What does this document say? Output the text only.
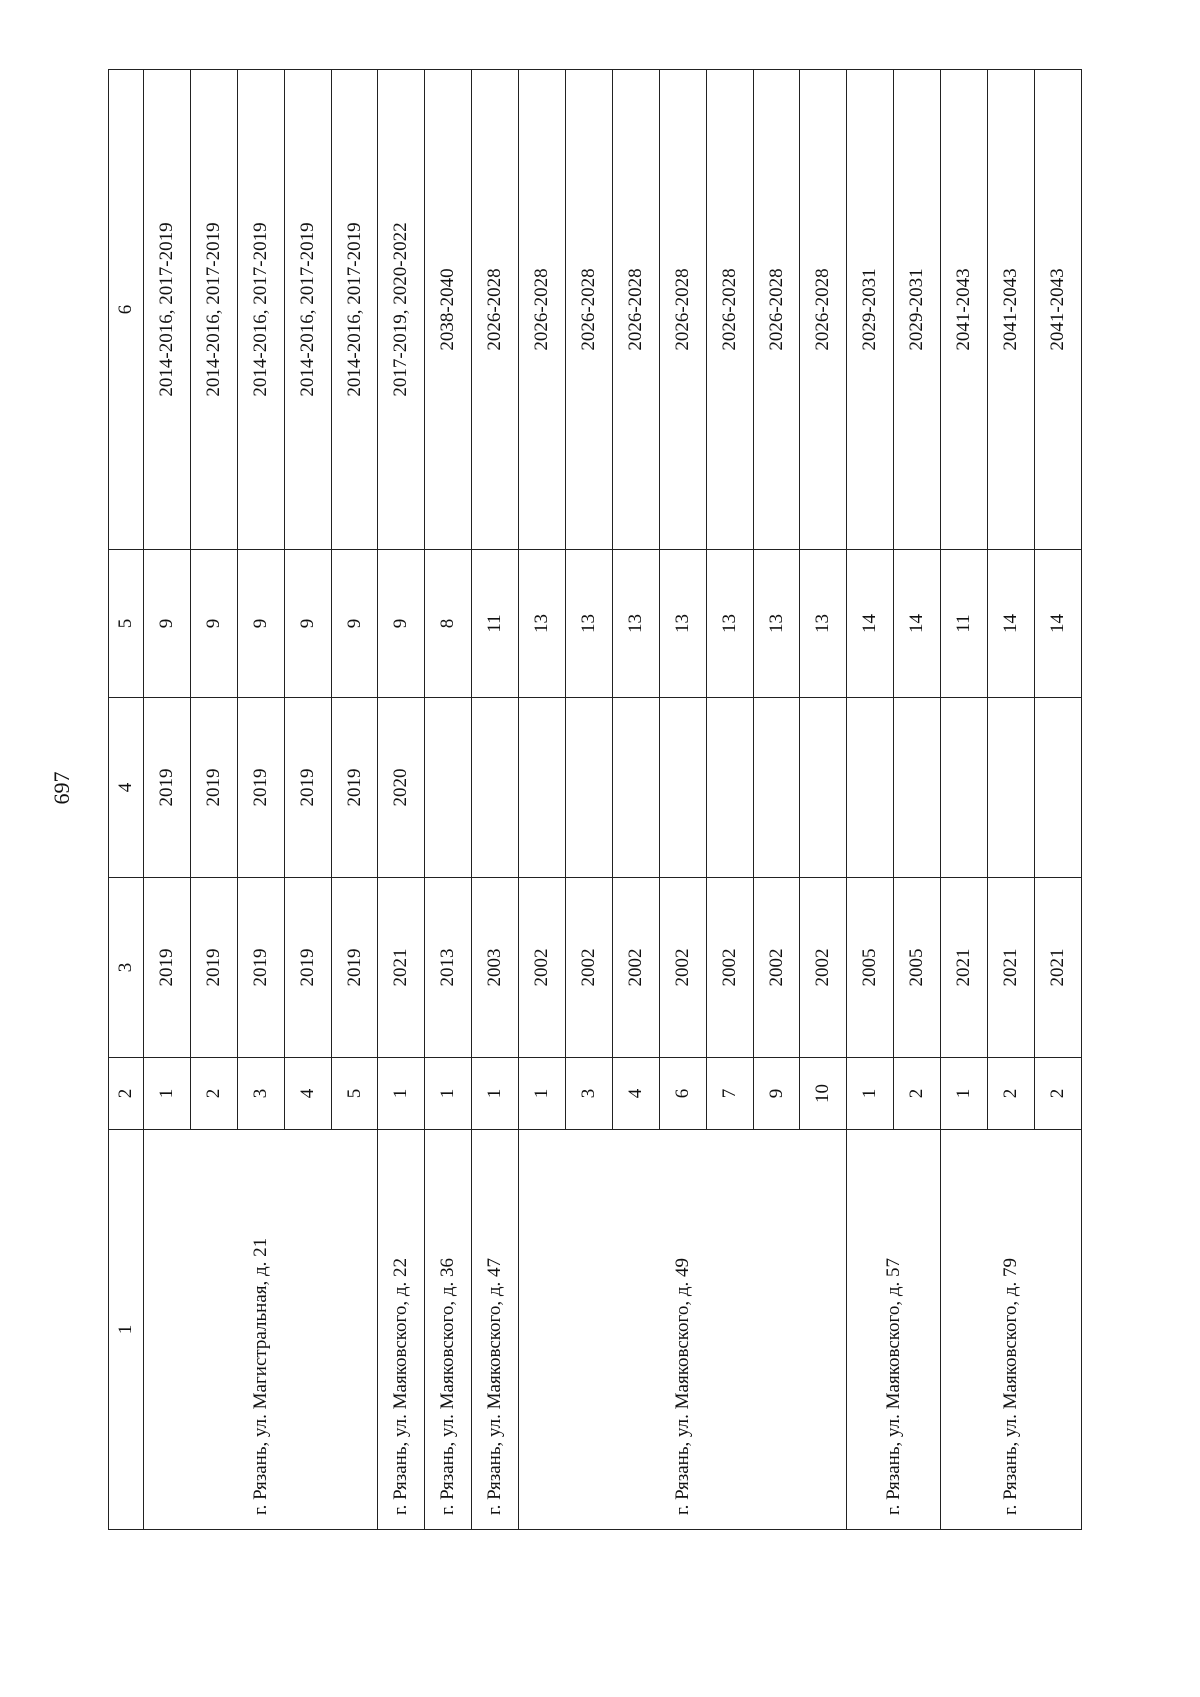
697
1	2	3	4	5	6
г. Рязань, ул. Магистральная, д. 21	1	2019	2019	9	2014-2016, 2017-2019
	2	2019	2019	9	2014-2016, 2017-2019
	3	2019	2019	9	2014-2016, 2017-2019
	4	2019	2019	9	2014-2016, 2017-2019
	5	2019	2019	9	2014-2016, 2017-2019
г. Рязань, ул. Маяковского, д. 22	1	2021	2020	9	2017-2019, 2020-2022
г. Рязань, ул. Маяковского, д. 36	1	2013		8	2038-2040
г. Рязань, ул. Маяковского, д. 47	1	2003		11	2026-2028
г. Рязань, ул. Маяковского, д. 49	1	2002		13	2026-2028
	3	2002		13	2026-2028
	4	2002		13	2026-2028
	6	2002		13	2026-2028
	7	2002		13	2026-2028
	9	2002		13	2026-2028
	10	2002		13	2026-2028
г. Рязань, ул. Маяковского, д. 57	1	2005		14	2029-2031
	2	2005		14	2029-2031
г. Рязань, ул. Маяковского, д. 79	1	2021		11	2041-2043
	2	2021		14	2041-2043
	2	2021		14	2041-2043
